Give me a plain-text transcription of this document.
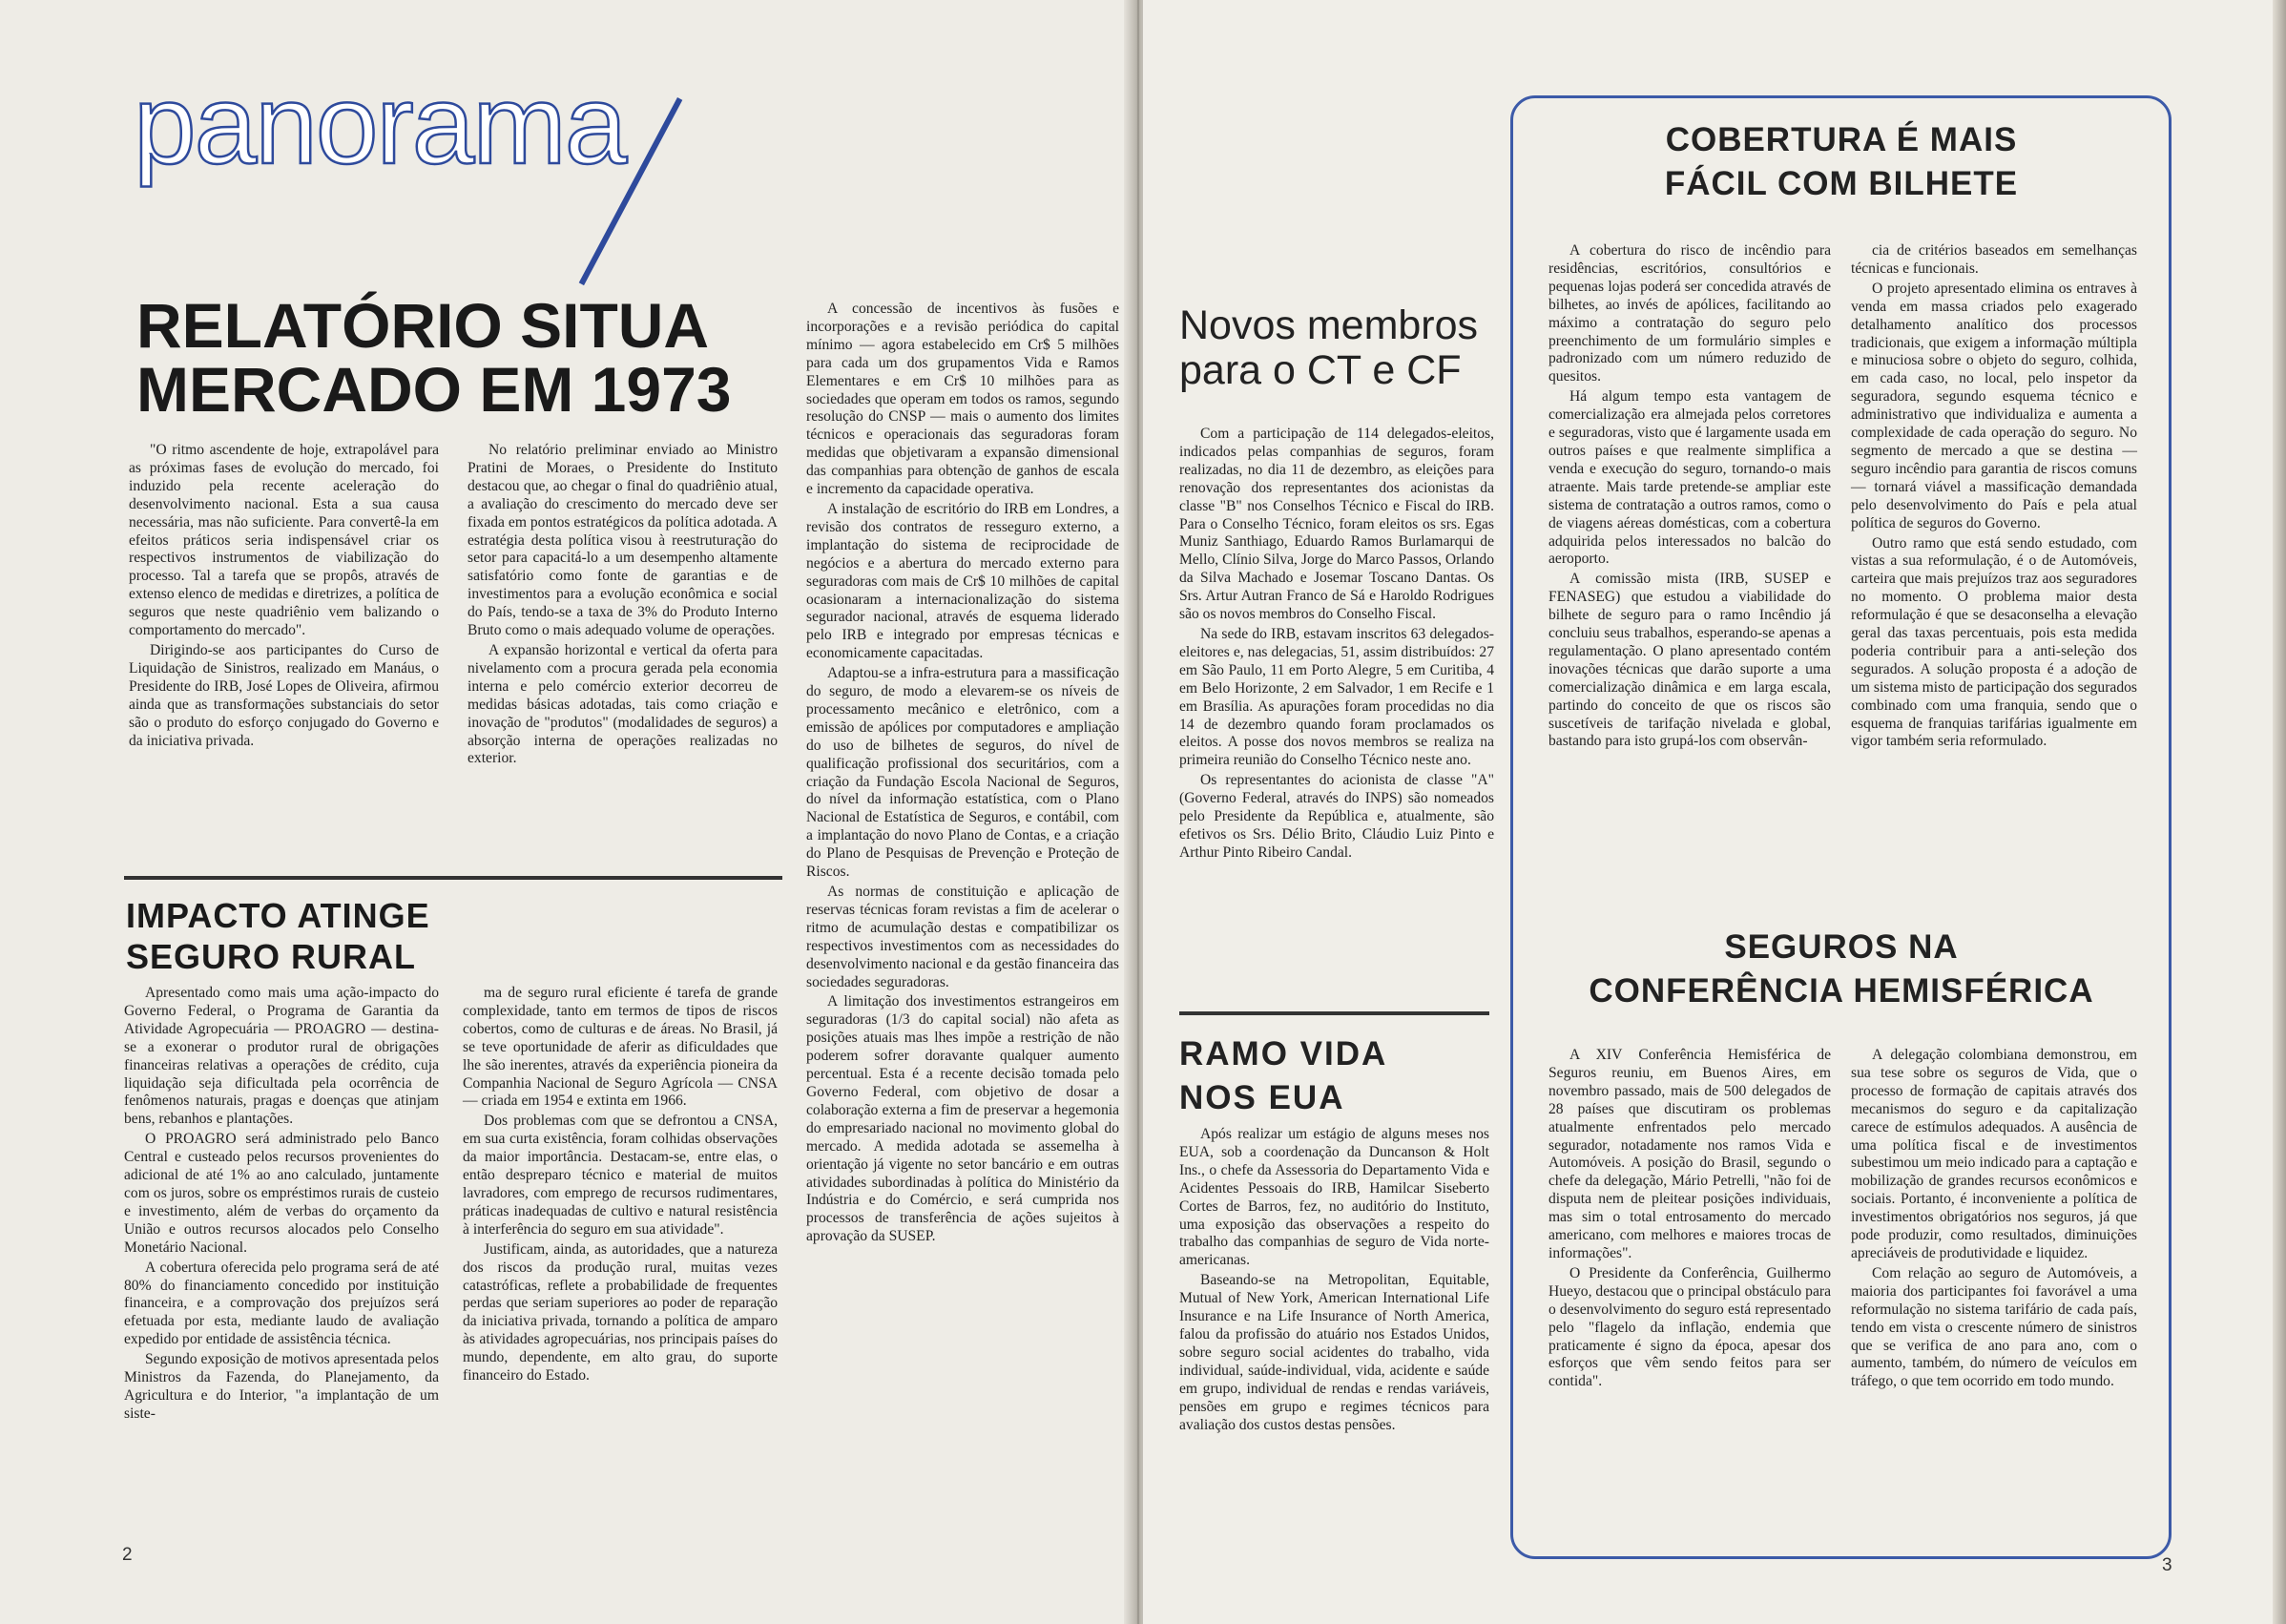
panorama
RELATÓRIO SITUA
MERCADO EM 1973

"O ritmo ascendente de hoje, extrapolável para as próximas fases de evolução do mercado, foi induzido pela recente aceleração do desenvolvimento nacional. Esta a sua causa necessária, mas não suficiente. Para convertê-la em efeitos práticos seria indispensável criar os respectivos instrumentos de viabilização do processo. Tal a tarefa que se propôs, através de extenso elenco de medidas e diretrizes, a política de seguros que neste quadriênio vem balizando o comportamento do mercado".

Dirigindo-se aos participantes do Curso de Liquidação de Sinistros, realizado em Manáus, o Presidente do IRB, José Lopes de Oliveira, afirmou ainda que as transformações substanciais do setor são o produto do esforço conjugado do Governo e da iniciativa privada.

No relatório preliminar enviado ao Ministro Pratini de Moraes, o Presidente do Instituto destacou que, ao chegar o final do quadriênio atual, a avaliação do crescimento do mercado deve ser fixada em pontos estratégicos da política adotada. A estratégia desta política visou à reestruturação do setor para capacitá-lo a um desempenho altamente satisfatório como fonte de garantias e de investimentos para a evolução econômica e social do País, tendo-se a taxa de 3% do Produto Interno Bruto como o mais adequado volume de operações.

A expansão horizontal e vertical da oferta para nivelamento com a procura gerada pela economia interna e pelo comércio exterior decorreu de medidas básicas adotadas, tais como criação e inovação de "produtos" (modalidades de seguros) a absorção interna de operações realizadas no exterior.

IMPACTO ATINGE
SEGURO RURAL

Apresentado como mais uma ação-impacto do Governo Federal, o Programa de Garantia da Atividade Agropecuária — PROAGRO — destina-se a exonerar o produtor rural de obrigações financeiras relativas a operações de crédito, cuja liquidação seja dificultada pela ocorrência de fenômenos naturais, pragas e doenças que atinjam bens, rebanhos e plantações.

O PROAGRO será administrado pelo Banco Central e custeado pelos recursos provenientes do adicional de até 1% ao ano calculado, juntamente com os juros, sobre os empréstimos rurais de custeio e investimento, além de verbas do orçamento da União e outros recursos alocados pelo Conselho Monetário Nacional.

A cobertura oferecida pelo programa será de até 80% do financiamento concedido por instituição financeira, e a comprovação dos prejuízos será efetuada por esta, mediante laudo de avaliação expedido por entidade de assistência técnica.

Segundo exposição de motivos apresentada pelos Ministros da Fazenda, do Planejamento, da Agricultura e do Interior, "a implantação de um siste-

ma de seguro rural eficiente é tarefa de grande complexidade, tanto em termos de tipos de riscos cobertos, como de culturas e de áreas. No Brasil, já se teve oportunidade de aferir as dificuldades que lhe são inerentes, através da experiência pioneira da Companhia Nacional de Seguro Agrícola — CNSA — criada em 1954 e extinta em 1966.

Dos problemas com que se defrontou a CNSA, em sua curta existência, foram colhidas observações da maior importância. Destacam-se, entre elas, o então despreparo técnico e material de muitos lavradores, com emprego de recursos rudimentares, práticas inadequadas de cultivo e natural resistência à interferência do seguro em sua atividade".

Justificam, ainda, as autoridades, que a natureza dos riscos da produção rural, muitas vezes catastróficas, reflete a probabilidade de frequentes perdas que seriam superiores ao poder de reparação da iniciativa privada, tornando a política de amparo às atividades agropecuárias, nos principais países do mundo, dependente, em alto grau, do suporte financeiro do Estado.

A concessão de incentivos às fusões e incorporações e a revisão periódica do capital mínimo — agora estabelecido em Cr$ 5 milhões para cada um dos grupamentos Vida e Ramos Elementares e em Cr$ 10 milhões para as sociedades que operam em todos os ramos, segundo resolução do CNSP — mais o aumento dos limites técnicos e operacionais das seguradoras foram medidas que objetivaram a expansão dimensional das companhias para obtenção de ganhos de escala e incremento da capacidade operativa.

A instalação de escritório do IRB em Londres, a revisão dos contratos de resseguro externo, a implantação do sistema de reciprocidade de negócios e a abertura do mercado externo para seguradoras com mais de Cr$ 10 milhões de capital ocasionaram a internacionalização do sistema segurador nacional, através de esquema liderado pelo IRB e integrado por empresas técnicas e economicamente capacitadas.

Adaptou-se a infra-estrutura para a massificação do seguro, de modo a elevarem-se os níveis de processamento mecânico e eletrônico, com a emissão de apólices por computadores e ampliação do uso de bilhetes de seguros, do nível de qualificação profissional dos securitários, com a criação da Fundação Escola Nacional de Seguros, do nível da informação estatística, com o Plano Nacional de Estatística de Seguros, e contábil, com a implantação do novo Plano de Contas, e a criação do Plano de Pesquisas de Prevenção e Proteção de Riscos.

As normas de constituição e aplicação de reservas técnicas foram revistas a fim de acelerar o ritmo de acumulação destas e compatibilizar os respectivos investimentos com as necessidades do desenvolvimento nacional e da gestão financeira das sociedades seguradoras.

A limitação dos investimentos estrangeiros em seguradoras (1/3 do capital social) não afeta as posições atuais mas lhes impõe a restrição de não poderem sofrer doravante qualquer aumento percentual. Esta é a recente decisão tomada pelo Governo Federal, com objetivo de dosar a colaboração externa a fim de preservar a hegemonia do empresariado nacional no movimento global do mercado. A medida adotada se assemelha à orientação já vigente no setor bancário e em outras atividades subordinadas à política do Ministério da Indústria e do Comércio, e será cumprida nos processos de transferência de ações sujeitos à aprovação da SUSEP.

2
Novos membros
para o CT e CF

Com a participação de 114 delegados-eleitos, indicados pelas companhias de seguros, foram realizadas, no dia 11 de dezembro, as eleições para renovação dos representantes dos acionistas da classe "B" nos Conselhos Técnico e Fiscal do IRB. Para o Conselho Técnico, foram eleitos os srs. Egas Muniz Santhiago, Eduardo Ramos Burlamarqui de Mello, Clínio Silva, Jorge do Marco Passos, Orlando da Silva Machado e Josemar Toscano Dantas. Os Srs. Artur Autran Franco de Sá e Haroldo Rodrigues são os novos membros do Conselho Fiscal.

Na sede do IRB, estavam inscritos 63 delegados-eleitores e, nas delegacias, 51, assim distribuídos: 27 em São Paulo, 11 em Porto Alegre, 5 em Curitiba, 4 em Belo Horizonte, 2 em Salvador, 1 em Recife e 1 em Brasília. As apurações foram procedidas no dia 14 de dezembro quando foram proclamados os eleitos. A posse dos novos membros se realiza na primeira reunião do Conselho Técnico neste ano.

Os representantes do acionista de classe "A" (Governo Federal, através do INPS) são nomeados pelo Presidente da República e, atualmente, são efetivos os Srs. Délio Brito, Cláudio Luiz Pinto e Arthur Pinto Ribeiro Candal.

RAMO VIDA
NOS EUA

Após realizar um estágio de alguns meses nos EUA, sob a coordenação da Duncanson & Holt Ins., o chefe da Assessoria do Departamento Vida e Acidentes Pessoais do IRB, Hamilcar Siseberto Cortes de Barros, fez, no auditório do Instituto, uma exposição das observações a respeito do trabalho das companhias de seguro de Vida norte-americanas.

Baseando-se na Metropolitan, Equitable, Mutual of New York, American International Life Insurance e na Life Insurance of North America, falou da profissão do atuário nos Estados Unidos, sobre seguro social acidentes do trabalho, vida individual, saúde-individual, vida, acidente e saúde em grupo, individual de rendas e rendas variáveis, pensões em grupo e regimes técnicos para avaliação dos custos destas pensões.

3
COBERTURA É MAIS
FÁCIL COM BILHETE

A cobertura do risco de incêndio para residências, escritórios, consultórios e pequenas lojas poderá ser concedida através de bilhetes, ao invés de apólices, facilitando ao máximo a contratação do seguro pelo preenchimento de um formulário simples e padronizado com um número reduzido de quesitos.

Há algum tempo esta vantagem de comercialização era almejada pelos corretores e seguradoras, visto que é largamente usada em outros países e que realmente simplifica a venda e execução do seguro, tornando-o mais atraente. Mais tarde pretende-se ampliar este sistema de contratação a outros ramos, como o de viagens aéreas domésticas, com a cobertura adquirida pelos interessados no balcão do aeroporto.

A comissão mista (IRB, SUSEP e FENASEG) que estudou a viabilidade do bilhete de seguro para o ramo Incêndio já concluiu seus trabalhos, esperando-se apenas a regulamentação. O plano apresentado contém inovações técnicas que darão suporte a uma comercialização dinâmica e em larga escala, partindo do conceito de que os riscos são suscetíveis de tarifação nivelada e global, bastando para isto grupá-los com observân-

cia de critérios baseados em semelhanças técnicas e funcionais.

O projeto apresentado elimina os entraves à venda em massa criados pelo exagerado detalhamento analítico dos processos tradicionais, que exigem a informação múltipla e minuciosa sobre o objeto do seguro, colhida, em cada caso, no local, pelo inspetor da seguradora, segundo esquema técnico e administrativo que individualiza e aumenta a complexidade de cada operação do seguro. No segmento de mercado a que se destina — seguro incêndio para garantia de riscos comuns — tornará viável a massificação demandada pelo desenvolvimento do País e pela atual política de seguros do Governo.

Outro ramo que está sendo estudado, com vistas a sua reformulação, é o de Automóveis, carteira que mais prejuízos traz aos seguradores no momento. O problema maior desta reformulação é que se desaconselha a elevação geral das taxas percentuais, pois esta medida poderia contribuir para a anti-seleção dos segurados. A solução proposta é a adoção de um sistema misto de participação dos segurados combinado com uma franquia, sendo que o esquema de franquias tarifárias igualmente em vigor também seria reformulado.

SEGUROS NA
CONFERÊNCIA HEMISFÉRICA

A XIV Conferência Hemisférica de Seguros reuniu, em Buenos Aires, em novembro passado, mais de 500 delegados de 28 países que discutiram os problemas atualmente enfrentados pelo mercado segurador, notadamente nos ramos Vida e Automóveis. A posição do Brasil, segundo o chefe da delegação, Mário Petrelli, "não foi de disputa nem de pleitear posições individuais, mas sim o total entrosamento do mercado americano, com melhores e maiores trocas de informações".

O Presidente da Conferência, Guilhermo Hueyo, destacou que o principal obstáculo para o desenvolvimento do seguro está representado pelo "flagelo da inflação, endemia que praticamente é signo da época, apesar dos esforços que vêm sendo feitos para ser contida".

A delegação colombiana demonstrou, em sua tese sobre os seguros de Vida, que o processo de formação de capitais através dos mecanismos do seguro e da capitalização carece de estímulos adequados. A ausência de uma política fiscal e de investimentos subestimou um meio indicado para a captação e mobilização de grandes recursos econômicos e sociais. Portanto, é inconveniente a política de investimentos obrigatórios nos seguros, já que pode produzir, como resultados, diminuições apreciáveis de produtividade e liquidez.

Com relação ao seguro de Automóveis, a maioria dos participantes foi favorável a uma reformulação no sistema tarifário de cada país, tendo em vista o crescente número de sinistros que se verifica de ano para ano, com o aumento, também, do número de veículos em tráfego, o que tem ocorrido em todo mundo.
